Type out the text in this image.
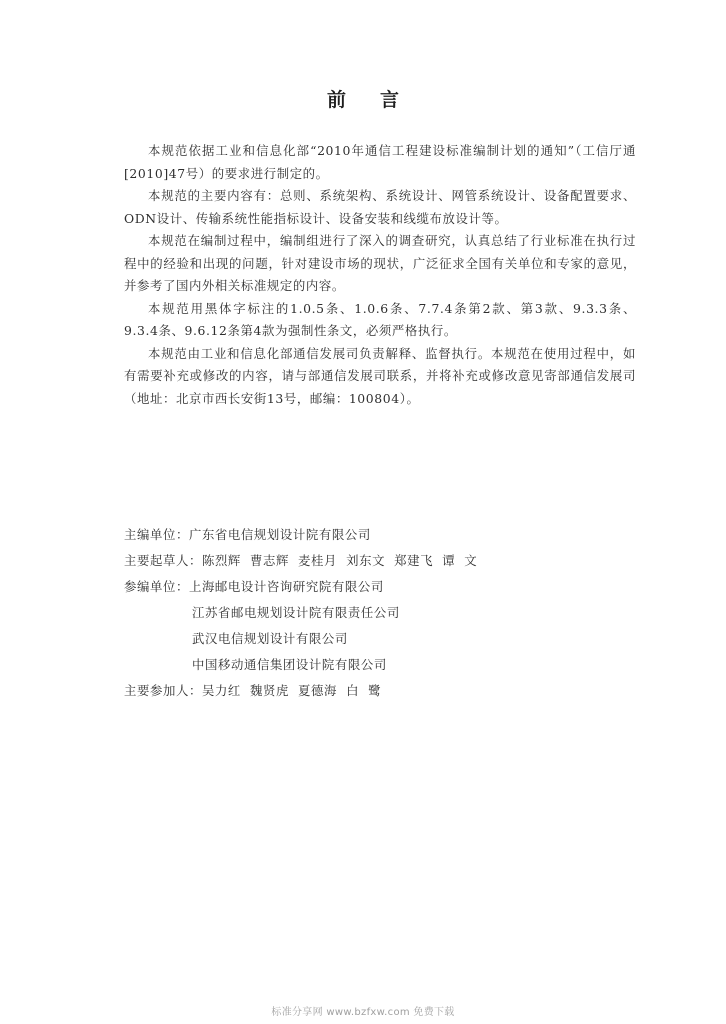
前言

本规范依据工业和信息化部“2010年通信工程建设标准编制计划的通知”（工信厅通[2010]47号）的要求进行制定的。

本规范的主要内容有：总则、系统架构、系统设计、网管系统设计、设备配置要求、ODN设计、传输系统性能指标设计、设备安装和线缆布放设计等。

本规范在编制过程中，编制组进行了深入的调查研究，认真总结了行业标准在执行过程中的经验和出现的问题，针对建设市场的现状，广泛征求全国有关单位和专家的意见，并参考了国内外相关标准规定的内容。

本规范用黑体字标注的1.0.5条、1.0.6条、7.7.4条第2款、第3款、9.3.3条、9.3.4条、9.6.12条第4款为强制性条文，必须严格执行。

本规范由工业和信息化部通信发展司负责解释、监督执行。本规范在使用过程中，如有需要补充或修改的内容，请与部通信发展司联系，并将补充或修改意见寄部通信发展司（地址：北京市西长安街13号，邮编：100804）。

主编单位： 广东省电信规划设计院有限公司
主要起草人： 陈烈辉  曹志辉  麦桂月  刘东文  郑建飞  谭  文
参编单位： 上海邮电设计咨询研究院有限公司
江苏省邮电规划设计院有限责任公司
武汉电信规划设计有限公司
中国移动通信集团设计院有限公司
主要参加人： 吴力红  魏贤虎  夏德海  白  鹭
标准分享网 www.bzfxw.com 免费下载
